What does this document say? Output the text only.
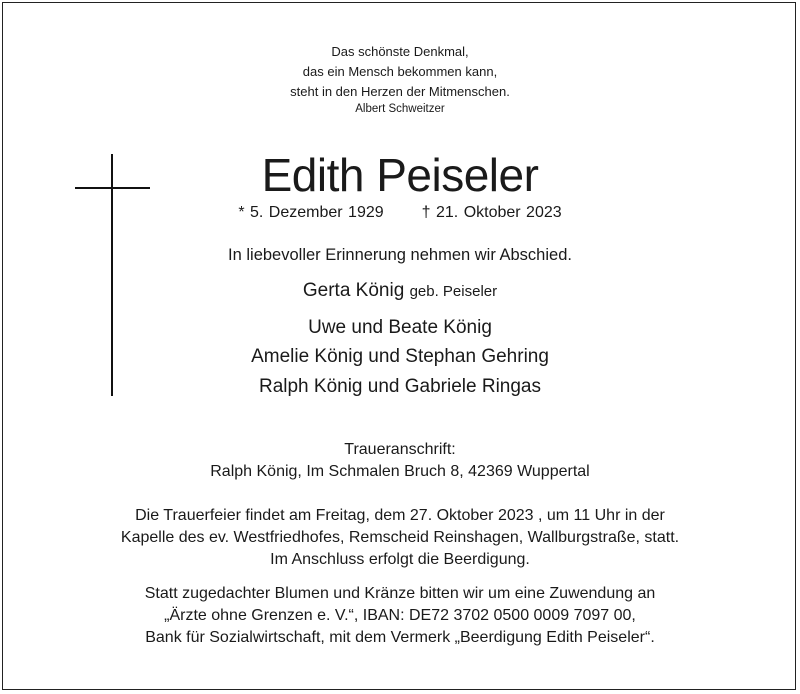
Das schönste Denkmal,
das ein Mensch bekommen kann,
steht in den Herzen der Mitmenschen.
Albert Schweitzer
Edith Peiseler
* 5. Dezember 1929 † 21. Oktober 2023
In liebevoller Erinnerung nehmen wir Abschied.
Gerta König geb. Peiseler
Uwe und Beate König
Amelie König und Stephan Gehring
Ralph König und Gabriele Ringas
Traueranschrift:
Ralph König, Im Schmalen Bruch 8, 42369 Wuppertal
Die Trauerfeier findet am Freitag, dem 27. Oktober 2023 , um 11 Uhr in der
Kapelle des ev. Westfriedhofes, Remscheid Reinshagen, Wallburgstraße, statt.
Im Anschluss erfolgt die Beerdigung.
Statt zugedachter Blumen und Kränze bitten wir um eine Zuwendung an
„Ärzte ohne Grenzen e. V.“, IBAN: DE72 3702 0500 0009 7097 00,
Bank für Sozialwirtschaft, mit dem Vermerk „Beerdigung Edith Peiseler“.
